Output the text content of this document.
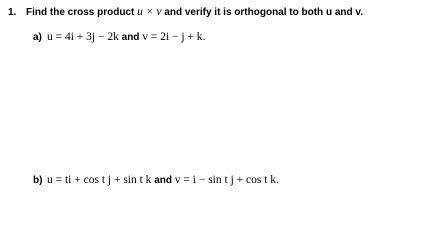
1. Find the cross product u × v and verify it is orthogonal to both u and v.
a) u = 4i + 3j − 2k and v = 2i − j + k.
b) u = ti + cos t j + sin t k and v = i − sin t j + cos t k.
